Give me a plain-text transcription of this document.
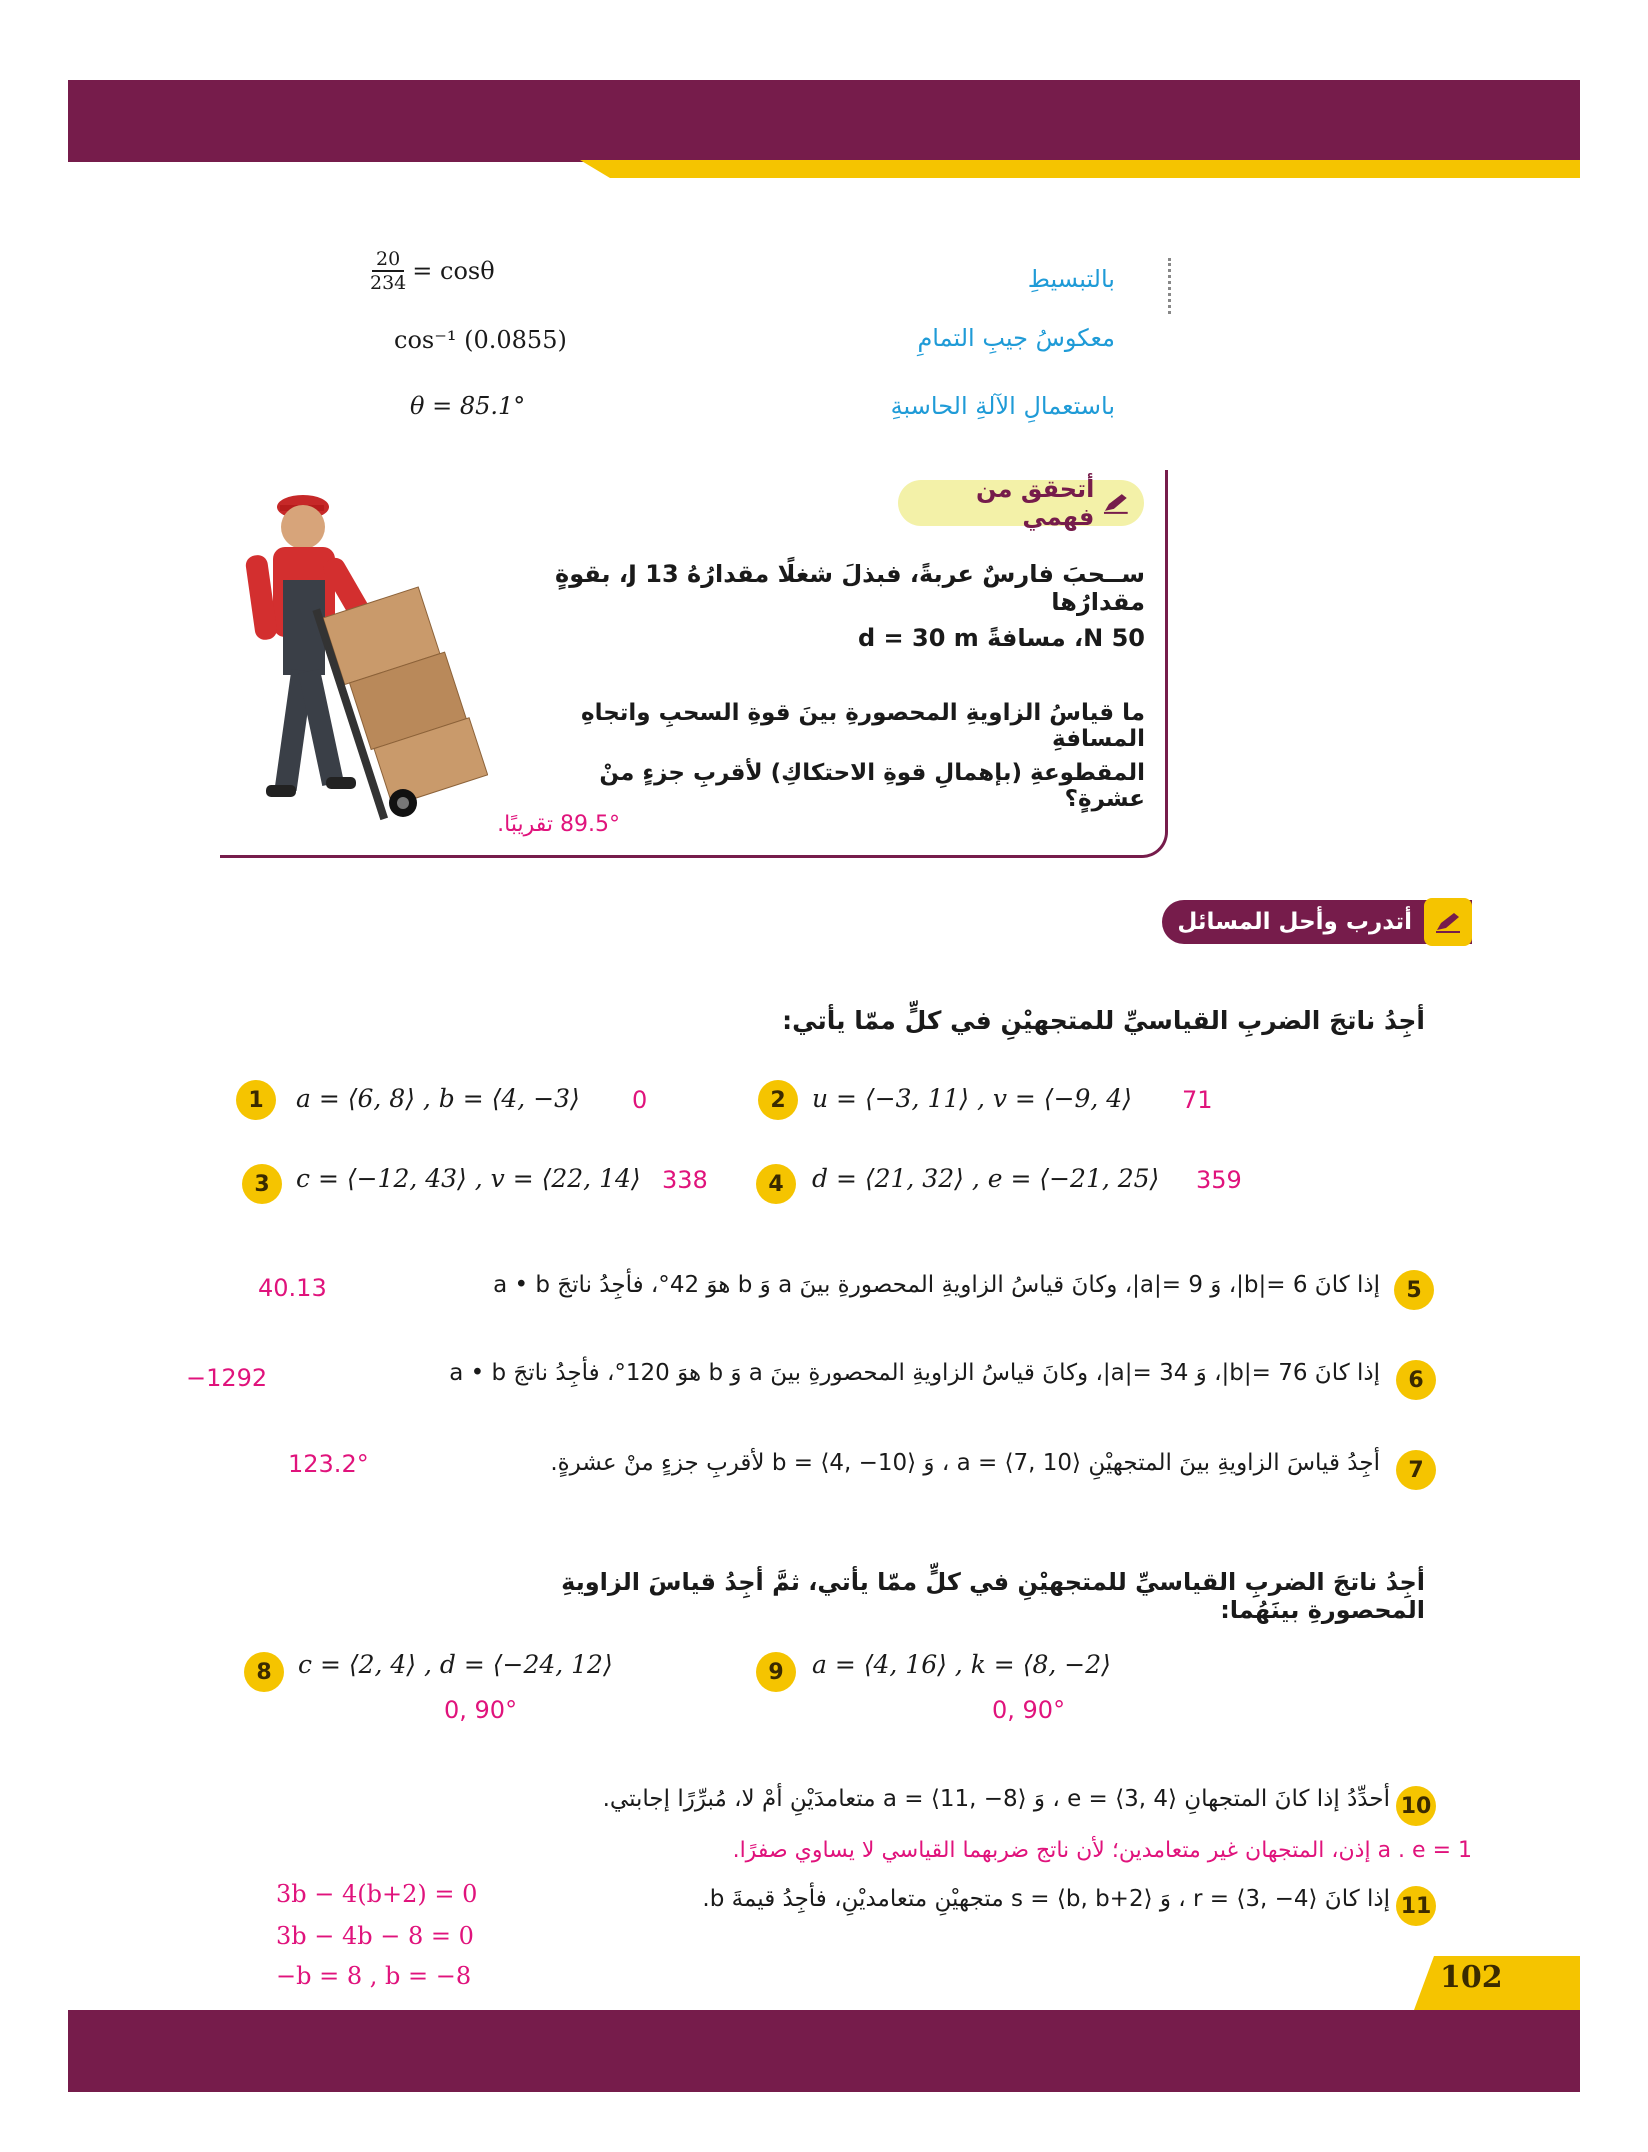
بالتبسيطِ
$\frac{20}{234} = \cos\theta$
معكوسُ جيبِ التمامِ
cos⁻¹ (0.0855)
باستعمالِ الآلةِ الحاسبةِ
θ = 85.1°
أتحقق من فهمي
ســحبَ فارسٌ عربةً، فبذلَ شغلًا مقدارُهُ J 13، بقوةٍ مقدارُها
N 50، مسافةً d = 30 m
ما قياسُ الزاويةِ المحصورةِ بينَ قوةِ السحبِ واتجاهِ المسافةِ
المقطوعةِ (بإهمالِ قوةِ الاحتكاكِ) لأقربِ جزءٍ منْ عشرةٍ؟
89.5° تقريبًا.
أتدرب وأحل المسائل
أجِدُ ناتجَ الضربِ القياسيِّ للمتجهيْنِ في كلٍّ ممّا يأتي:
1	a = ⟨6, 8⟩ , b = ⟨4, −3⟩ 0	2	u = ⟨−3, 11⟩ , v = ⟨−9, 4⟩ 71
3	c = ⟨−12, 43⟩ , v = ⟨22, 14⟩ 338	4	d = ⟨21, 32⟩ , e = ⟨−21, 25⟩ 359
5
إذا كانَ 6 =|b|، وَ 9 =|a|، وكانَ قياسُ الزاويةِ المحصورةِ بينَ a وَ b هوَ 42°، فأجِدُ ناتجَ a • b
40.13
6
إذا كانَ 76 =|b|، وَ 34 =|a|، وكانَ قياسُ الزاويةِ المحصورةِ بينَ a وَ b هوَ 120°، فأجِدُ ناتجَ a • b
−1292
7
أجِدُ قياسَ الزاويةِ بينَ المتجهيْنِ a = ⟨7, 10⟩ ، وَ b = ⟨4, −10⟩ لأقربِ جزءٍ منْ عشرةٍ.
123.2°
أجِدُ ناتجَ الضربِ القياسيِّ للمتجهيْنِ في كلٍّ ممّا يأتي، ثمَّ أجِدُ قياسَ الزاويةِ المحصورةِ بينَهُما:
8	c = ⟨2, 4⟩ , d = ⟨−24, 12⟩
0, 90°
9	a = ⟨4, 16⟩ , k = ⟨8, −2⟩
0, 90°
10
أحدِّدُ إذا كانَ المتجهانِ e = ⟨3, 4⟩ ، وَ a = ⟨11, −8⟩ متعامدَيْنِ أمْ لا، مُبرِّرًا إجابتي.
a . e = 1 إذن، المتجهان غير متعامدين؛ لأن ناتج ضربهما القياسي لا يساوي صفرًا.
11
إذا كانَ r = ⟨3, −4⟩ ، وَ s = ⟨b, b+2⟩ متجهيْنِ متعامديْنِ، فأجِدُ قيمةَ b.
3b − 4(b+2) = 0
3b − 4b − 8 = 0
−b = 8 , b = −8	102
